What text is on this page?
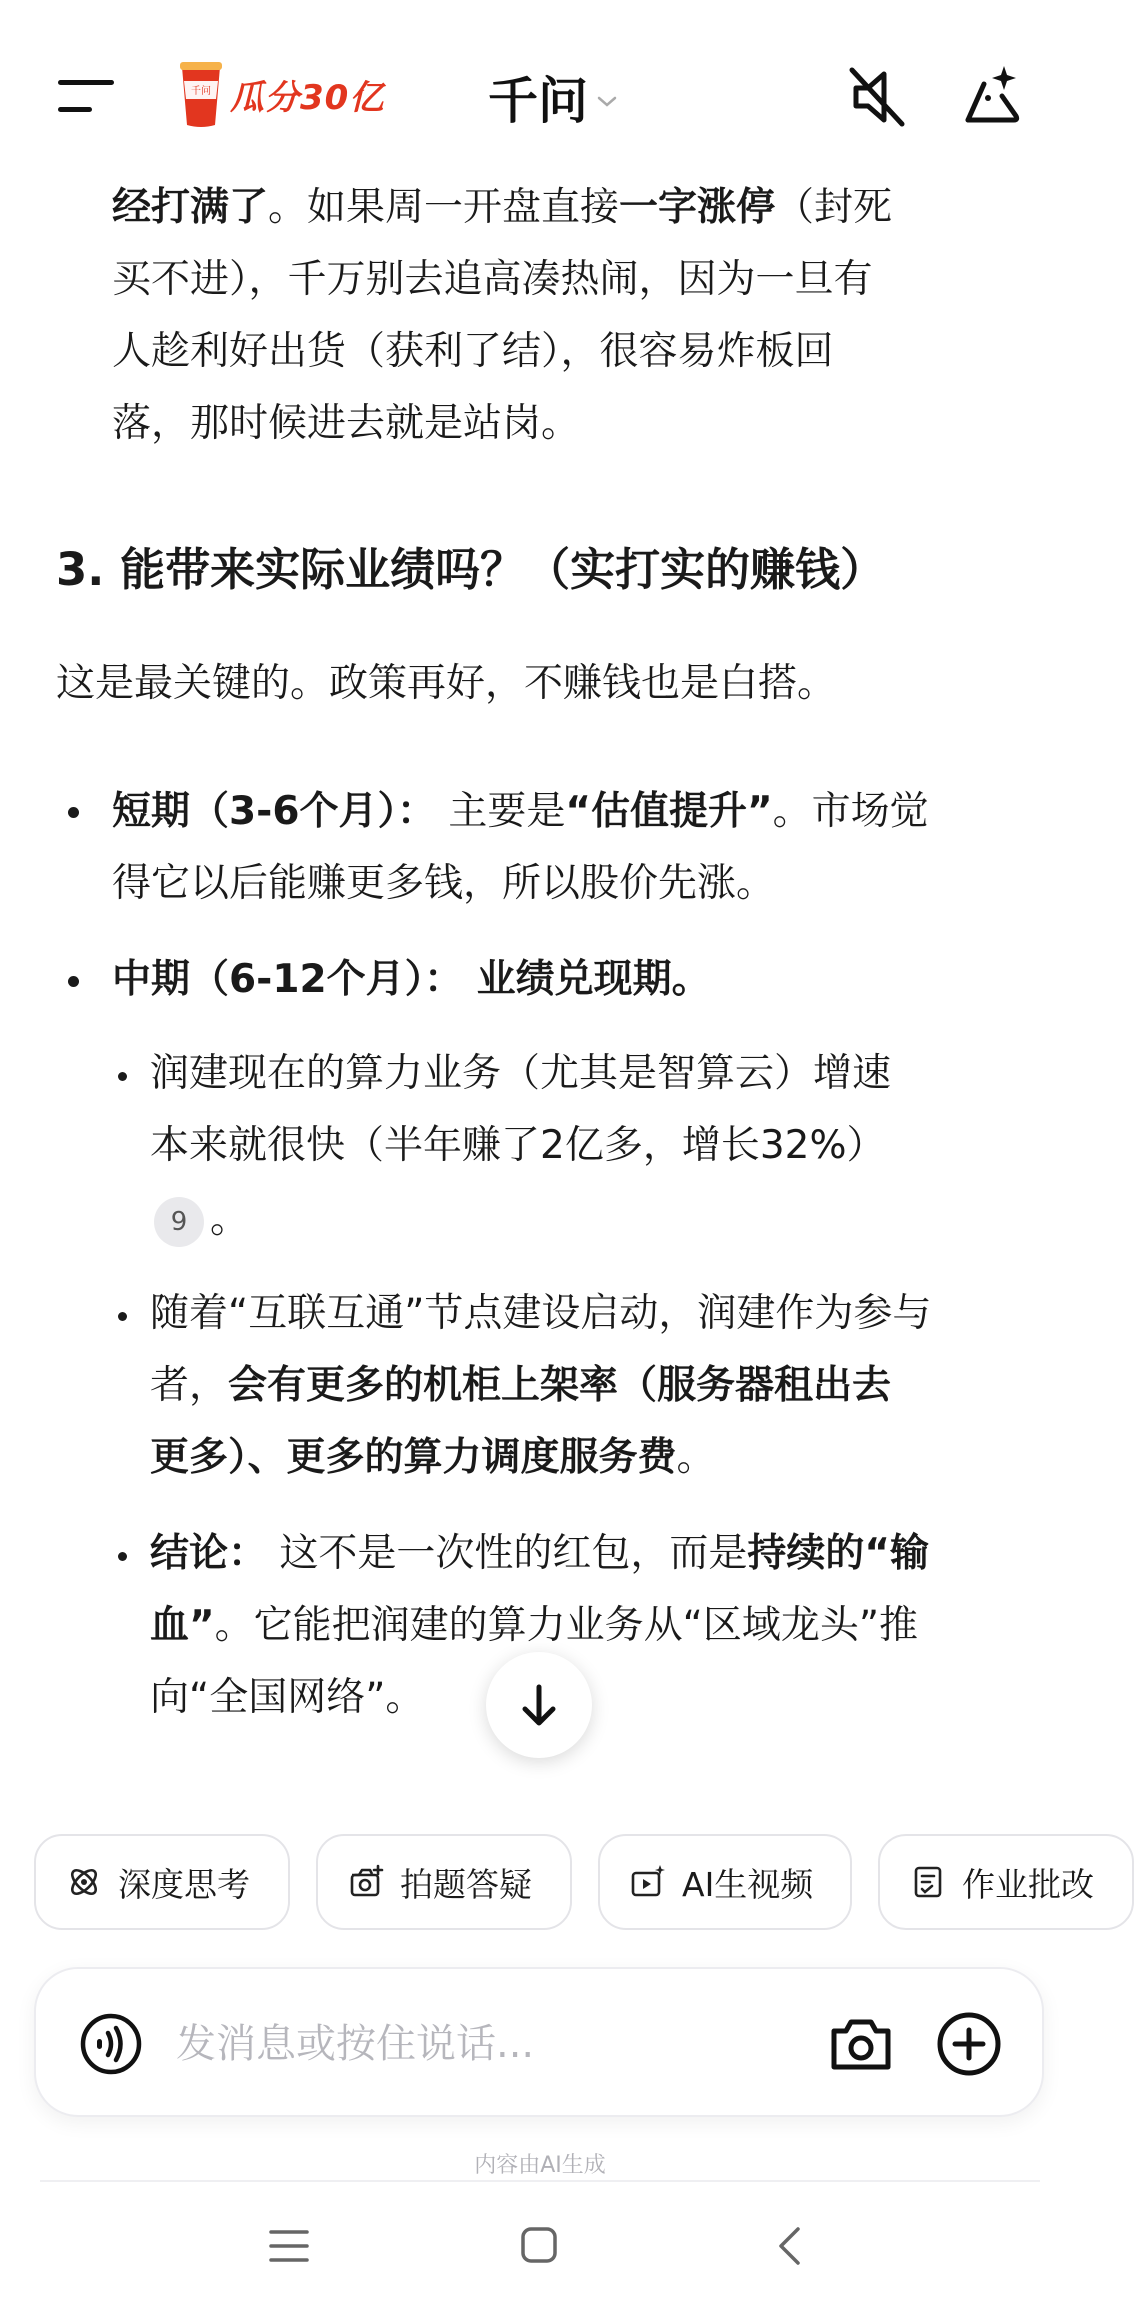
千问 瓜分30亿 千问
经打满了。如果周一开盘直接一字涨停（封死
买不进），千万别去追高凑热闹，因为一旦有
人趁利好出货（获利了结），很容易炸板回
落，那时候进去就是站岗。
3. 能带来实际业绩吗？（实打实的赚钱）
这是最关键的。政策再好，不赚钱也是白搭。
短期（3-6个月）： 主要是“估值提升”。市场觉
得它以后能赚更多钱，所以股价先涨。
中期（6-12个月）： 业绩兑现期。
润建现在的算力业务（尤其是智算云）增速
本来就很快（半年赚了2亿多，增长32%）
9 。
随着“互联互通”节点建设启动，润建作为参与
者，会有更多的机柜上架率（服务器租出去
更多）、更多的算力调度服务费。
结论： 这不是一次性的红包，而是持续的“输
血”。它能把润建的算力业务从“区域龙头”推
向“全国网络”。
深度思考	拍题答疑	AI生视频	作业批改
发消息或按住说话...
内容由AI生成
